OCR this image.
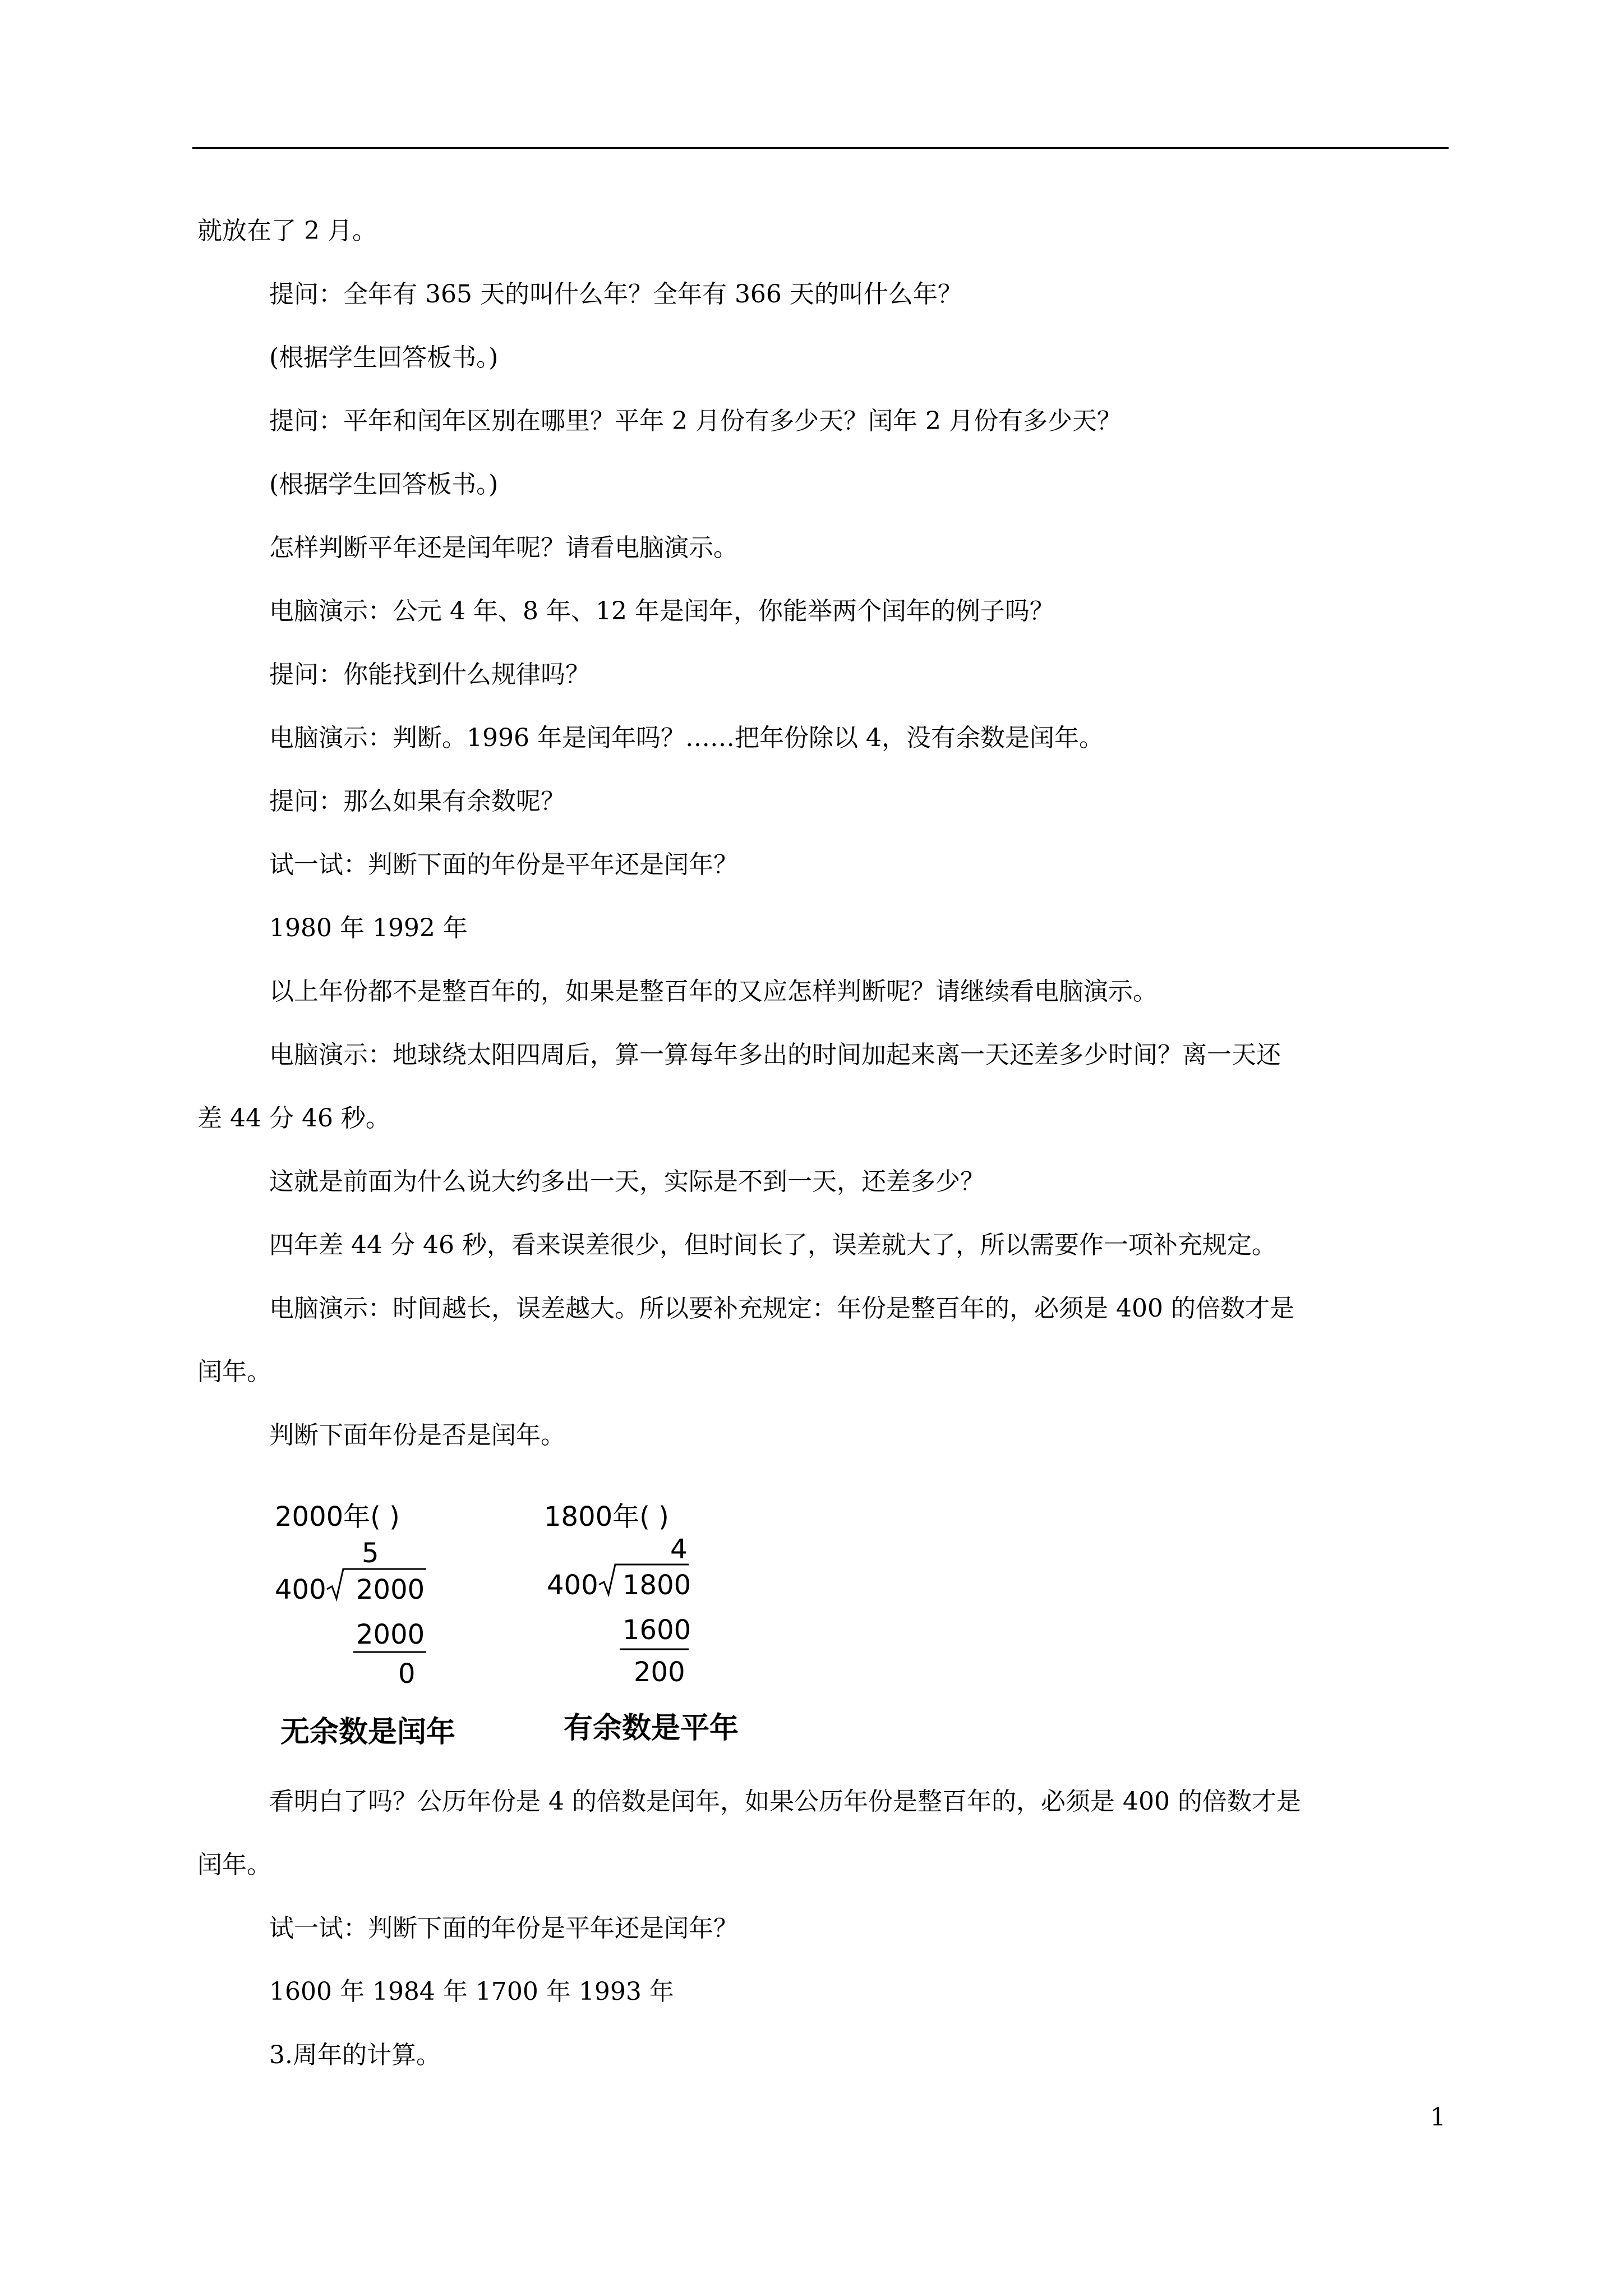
就放在了 2 月。
提问：全年有 365 天的叫什么年？全年有 366 天的叫什么年？
(根据学生回答板书。)
提问：平年和闰年区别在哪里？平年 2 月份有多少天？闰年 2 月份有多少天？
(根据学生回答板书。)
怎样判断平年还是闰年呢？请看电脑演示。
电脑演示：公元 4 年、8 年、12 年是闰年，你能举两个闰年的例子吗？
提问：你能找到什么规律吗？
电脑演示：判断。1996 年是闰年吗？……把年份除以 4，没有余数是闰年。
提问：那么如果有余数呢？
试一试：判断下面的年份是平年还是闰年？
1980 年 1992 年
以上年份都不是整百年的，如果是整百年的又应怎样判断呢？请继续看电脑演示。
电脑演示：地球绕太阳四周后，算一算每年多出的时间加起来离一天还差多少时间？离一天还
差 44 分 46 秒。
这就是前面为什么说大约多出一天，实际是不到一天，还差多少？
四年差 44 分 46 秒，看来误差很少，但时间长了，误差就大了，所以需要作一项补充规定。
电脑演示：时间越长，误差越大。所以要补充规定：年份是整百年的，必须是 400 的倍数才是
闰年。
判断下面年份是否是闰年。
2000年( )
5
400 2000
2000
0
无余数是闰年
1800年( )
4
400 1800
1600
200
有余数是平年
看明白了吗？公历年份是 4 的倍数是闰年，如果公历年份是整百年的，必须是 400 的倍数才是
闰年。
试一试：判断下面的年份是平年还是闰年？
1600 年 1984 年 1700 年 1993 年
3.周年的计算。
1
